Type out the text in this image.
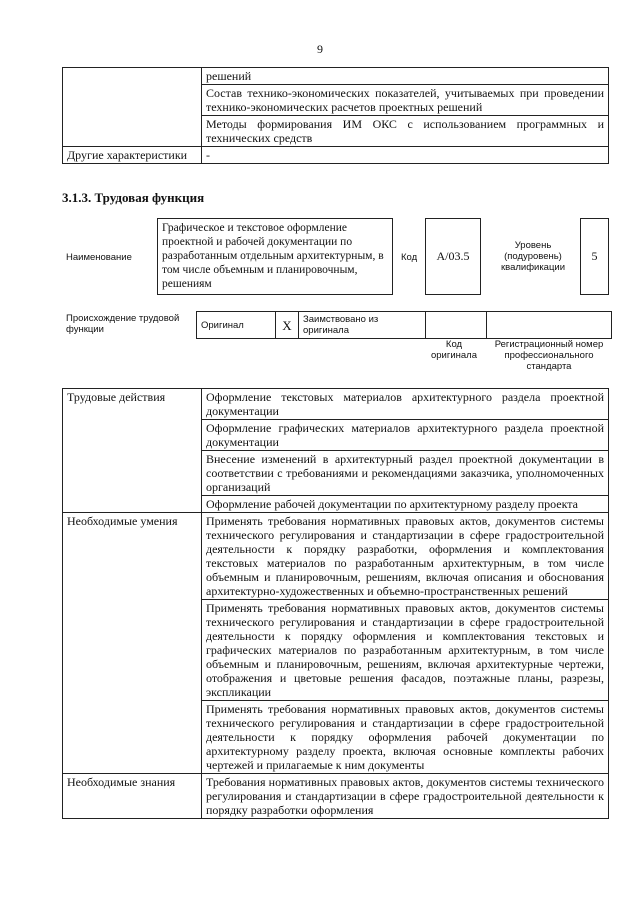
9
	решений
	Состав технико-экономических показателей, учитываемых при проведении технико-экономических расчетов проектных решений
	Методы формирования ИМ ОКС с использованием программных и технических средств
Другие характеристики	-
3.1.3. Трудовая функция
Наименование
Графическое и текстовое оформление проектной и рабочей документации по разработанным отдельным архитектурным, в том числе объемным и планировочным, решениям
Код	A/03.5
Уровень (подуровень) квалификации
5
Происхождение трудовой функции	Оригинал	X	Заимствовано из оригинала		
Код оригинала
Регистрационный номер профессионального стандарта
Трудовые действия	Оформление текстовых материалов архитектурного раздела проектной документации
	Оформление графических материалов архитектурного раздела проектной документации
	Внесение изменений в архитектурный раздел проектной документации в соответствии с требованиями и рекомендациями заказчика, уполномоченных организаций
	Оформление рабочей документации по архитектурному разделу проекта
Необходимые умения	Применять требования нормативных правовых актов, документов системы технического регулирования и стандартизации в сфере градостроительной деятельности к порядку разработки, оформления и комплектования текстовых материалов по разработанным архитектурным, в том числе объемным и планировочным, решениям, включая описания и обоснования архитектурно-художественных и объемно-пространственных решений
	Применять требования нормативных правовых актов, документов системы технического регулирования и стандартизации в сфере градостроительной деятельности к порядку оформления и комплектования текстовых и графических материалов по разработанным архитектурным, в том числе объемным и планировочным, решениям, включая архитектурные чертежи, отображения и цветовые решения фасадов, поэтажные планы, разрезы, экспликации
	Применять требования нормативных правовых актов, документов системы технического регулирования и стандартизации в сфере градостроительной деятельности к порядку оформления рабочей документации по архитектурному разделу проекта, включая основные комплекты рабочих чертежей и прилагаемые к ним документы
Необходимые знания	Требования нормативных правовых актов, документов системы технического регулирования и стандартизации в сфере градостроительной деятельности к порядку разработки оформления
